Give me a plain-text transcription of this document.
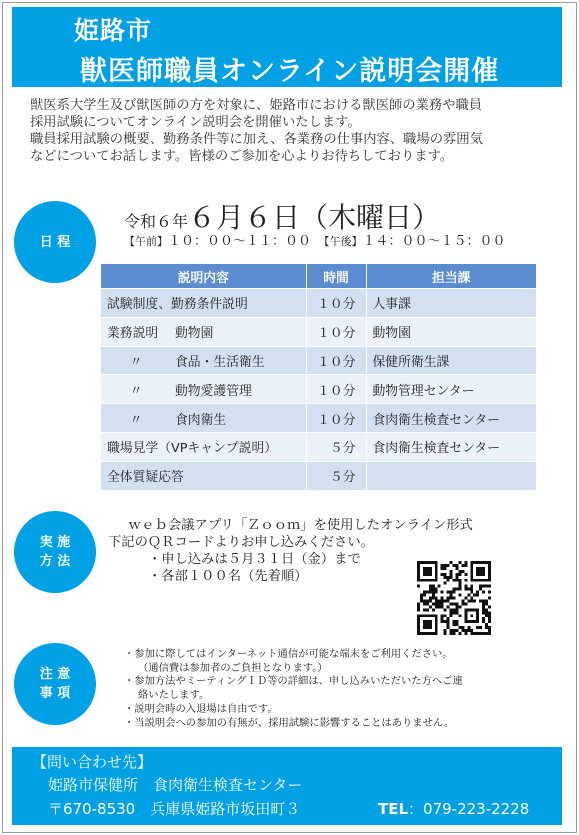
姫路市
獣医師職員オンライン説明会開催

獣医系大学生及び獣医師の方を対象に、姫路市における獣医師の業務や職員

採用試験についてオンライン説明会を開催いたします。

職員採用試験の概要、勤務条件等に加え、各業務の仕事内容、職場の雰囲気

などについてお話します。皆様のご参加を心よりお待ちしております。

日 程
令和６年６月６日（木曜日）
【午前】１０：００～１１：００　 【午後】１４：００～１５：００
説明内容	時間	担当課
試験制度、勤務条件説明	１０分	人事課
業務説明 動物園	１０分	動物園
〃 食品・生活衛生	１０分	保健所衛生課
〃 動物愛護管理	１０分	動物管理センター
〃 食肉衛生	１０分	食肉衛生検査センター
職場見学（VPキャンプ説明）	５分	食肉衛生検査センター
全体質疑応答	５分	
実 施
方 法

ｗｅｂ会議アプリ「Ｚｏｏｍ」を使用したオンライン形式

下記のＱＲコードよりお申し込みください。

・申し込みは５月３１日（金）まで

・各部１００名（先着順）

注 意
事 項

・参加に際してはインターネット通信が可能な端末をご利用ください。

（通信費は参加者のご負担となります。）

・参加方法やミーティングＩＤ等の詳細は、申し込みいただいた方へご連

絡いたします。

・説明会時の入退場は自由です。

・当説明会への参加の有無が、採用試験に影響することはありません。

【問い合わせ先】
姫路市保健所　食肉衛生検査センター
〒670-8530　兵庫県姫路市坂田町３	TEL：079-223-2228
